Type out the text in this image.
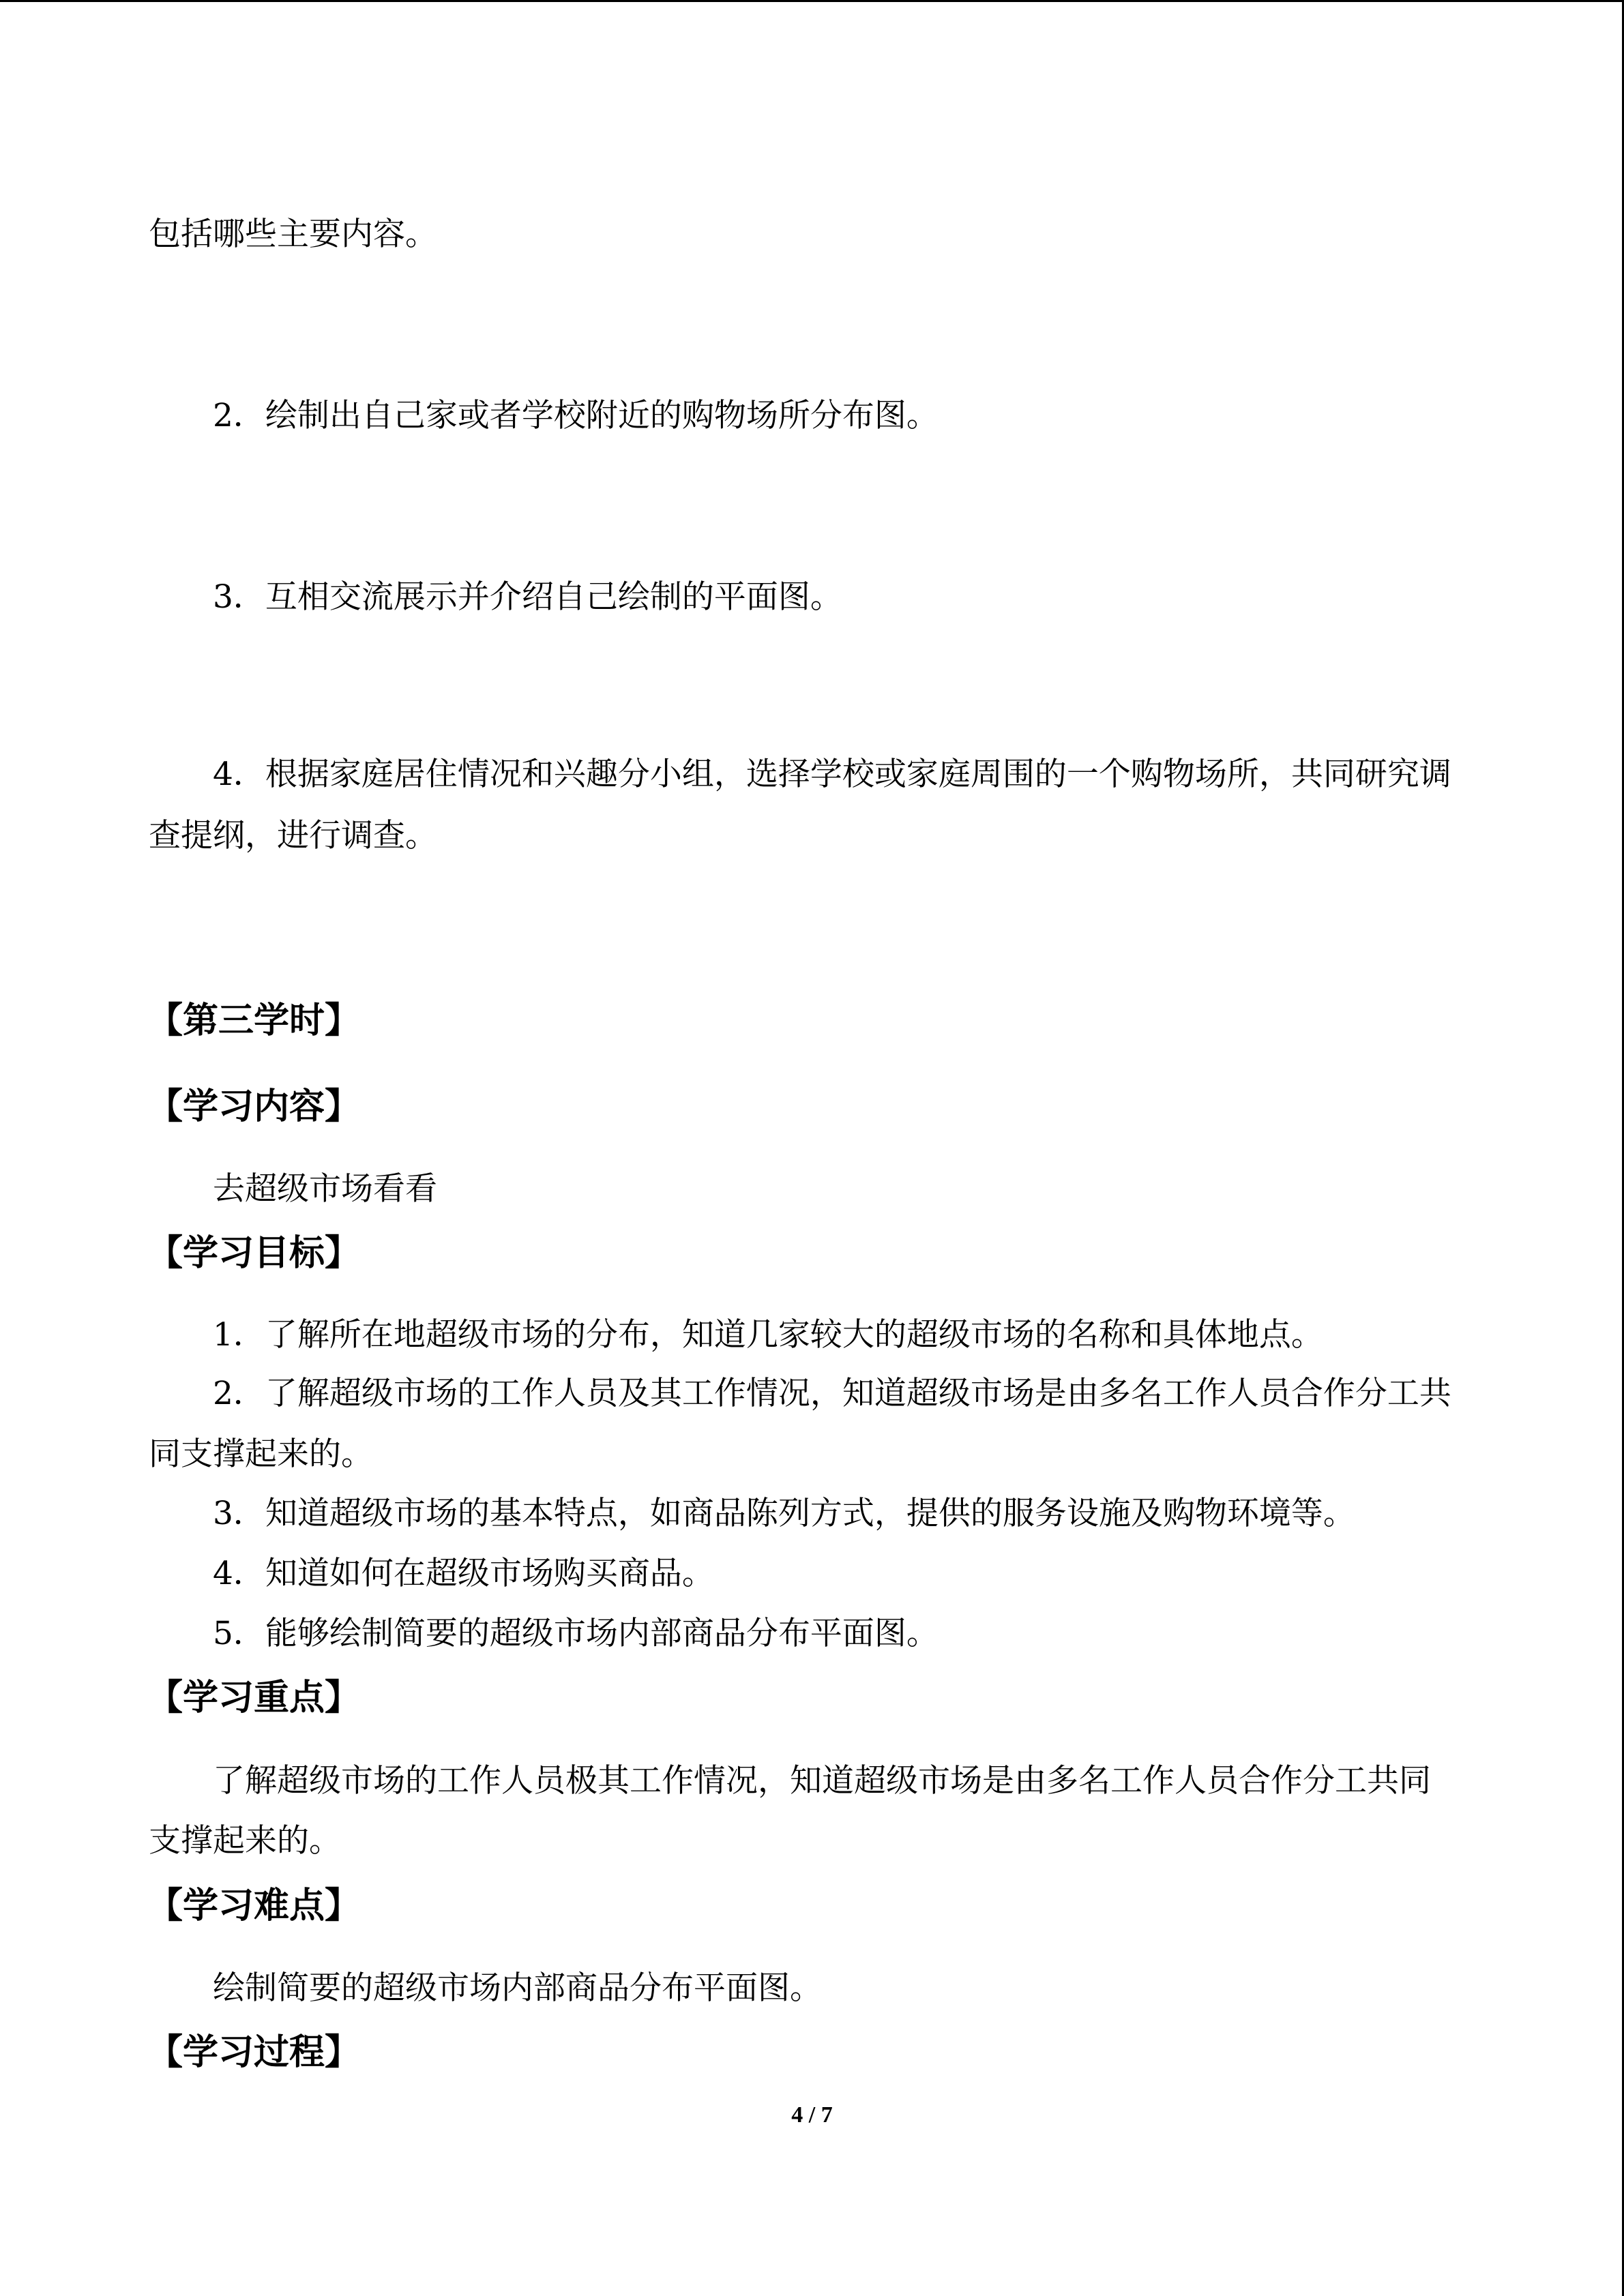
包括哪些主要内容。

2．绘制出自己家或者学校附近的购物场所分布图。

3．互相交流展示并介绍自己绘制的平面图。

4．根据家庭居住情况和兴趣分小组，选择学校或家庭周围的一个购物场所，共同研究调

查提纲，进行调查。

【第三学时】
【学习内容】

去超级市场看看

【学习目标】

1．了解所在地超级市场的分布，知道几家较大的超级市场的名称和具体地点。

2．了解超级市场的工作人员及其工作情况，知道超级市场是由多名工作人员合作分工共

同支撑起来的。

3．知道超级市场的基本特点，如商品陈列方式，提供的服务设施及购物环境等。

4．知道如何在超级市场购买商品。

5．能够绘制简要的超级市场内部商品分布平面图。

【学习重点】

了解超级市场的工作人员极其工作情况，知道超级市场是由多名工作人员合作分工共同

支撑起来的。

【学习难点】

绘制简要的超级市场内部商品分布平面图。

【学习过程】
4 / 7
